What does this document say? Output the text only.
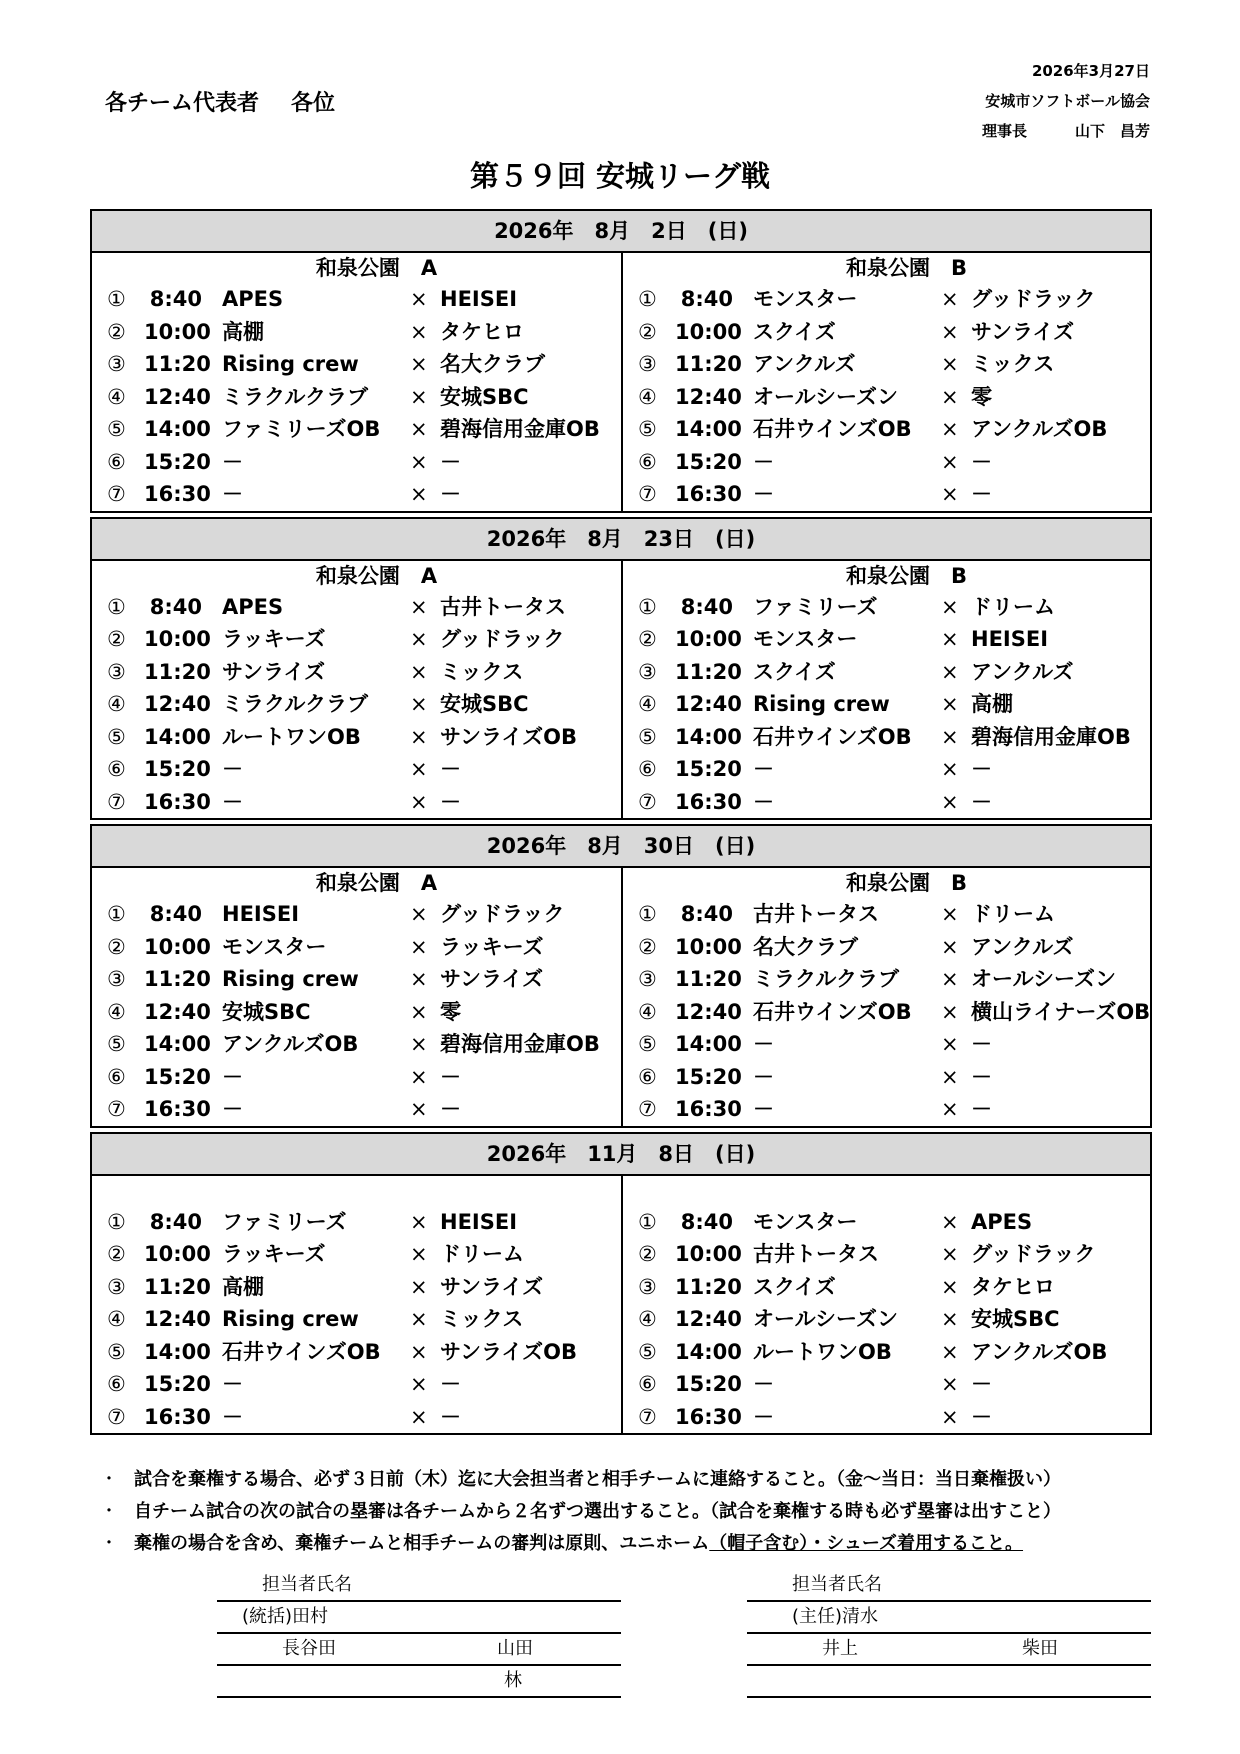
各チーム代表者 各位
2026年3月27日
安城市ソフトボール協会
理事長	山下　昌芳
第５９回 安城リーグ戦
2026年　8月　2日　(日)
和泉公園　A
① 8:40 APES	× HEISEI
② 10:00 高棚	× タケヒロ
③ 11:20 Rising crew × 名大クラブ
④ 12:40 ミラクルクラブ × 安城SBC
⑤ 14:00 ファミリーズOB × 碧海信用金庫OB
⑥ 15:20 －	× －
⑦ 16:30 －	× －
和泉公園　B
① 8:40 モンスター	× グッドラック
② 10:00 スクイズ	× サンライズ
③ 11:20 アンクルズ	× ミックス
④ 12:40 オールシーズン × 零
⑤ 14:00 石井ウインズOB × アンクルズOB
⑥ 15:20 －	× －
⑦ 16:30 －	× －
2026年　8月　23日　(日)
和泉公園　A
① 8:40 APES	× 古井トータス
② 10:00 ラッキーズ	× グッドラック
③ 11:20 サンライズ	× ミックス
④ 12:40 ミラクルクラブ × 安城SBC
⑤ 14:00 ルートワンOB × サンライズOB
⑥ 15:20 －	× －
⑦ 16:30 －	× －
和泉公園　B
① 8:40 ファミリーズ	× ドリーム
② 10:00 モンスター	× HEISEI
③ 11:20 スクイズ	× アンクルズ
④ 12:40 Rising crew × 高棚
⑤ 14:00 石井ウインズOB × 碧海信用金庫OB
⑥ 15:20 －	× －
⑦ 16:30 －	× －
2026年　8月　30日　(日)
和泉公園　A
① 8:40 HEISEI	× グッドラック
② 10:00 モンスター	× ラッキーズ
③ 11:20 Rising crew × サンライズ
④ 12:40 安城SBC	× 零
⑤ 14:00 アンクルズOB × 碧海信用金庫OB
⑥ 15:20 －	× －
⑦ 16:30 －	× －
和泉公園　B
① 8:40 古井トータス	× ドリーム
② 10:00 名大クラブ	× アンクルズ
③ 11:20 ミラクルクラブ × オールシーズン
④ 12:40 石井ウインズOB × 横山ライナーズOB
⑤ 14:00 －	× －
⑥ 15:20 －	× －
⑦ 16:30 －	× －
2026年　11月　8日　(日)
① 8:40 ファミリーズ	× HEISEI
② 10:00 ラッキーズ	× ドリーム
③ 11:20 高棚	× サンライズ
④ 12:40 Rising crew × ミックス
⑤ 14:00 石井ウインズOB × サンライズOB
⑥ 15:20 －	× －
⑦ 16:30 －	× －
① 8:40 モンスター	× APES
② 10:00 古井トータス	× グッドラック
③ 11:20 スクイズ	× タケヒロ
④ 12:40 オールシーズン × 安城SBC
⑤ 14:00 ルートワンOB × アンクルズOB
⑥ 15:20 －	× －
⑦ 16:30 －	× －
・ 試合を棄権する場合、必ず３日前（木）迄に大会担当者と相手チームに連絡すること。（金～当日：当日棄権扱い）
・ 自チーム試合の次の試合の塁審は各チームから２名ずつ選出すること。（試合を棄権する時も必ず塁審は出すこと）
・ 棄権の場合を含め、棄権チームと相手チームの審判は原則、ユニホーム（帽子含む）・シューズ着用すること。
担当者氏名
(統括)田村
長谷田	山田
林
担当者氏名
(主任)清水
井上	柴田
